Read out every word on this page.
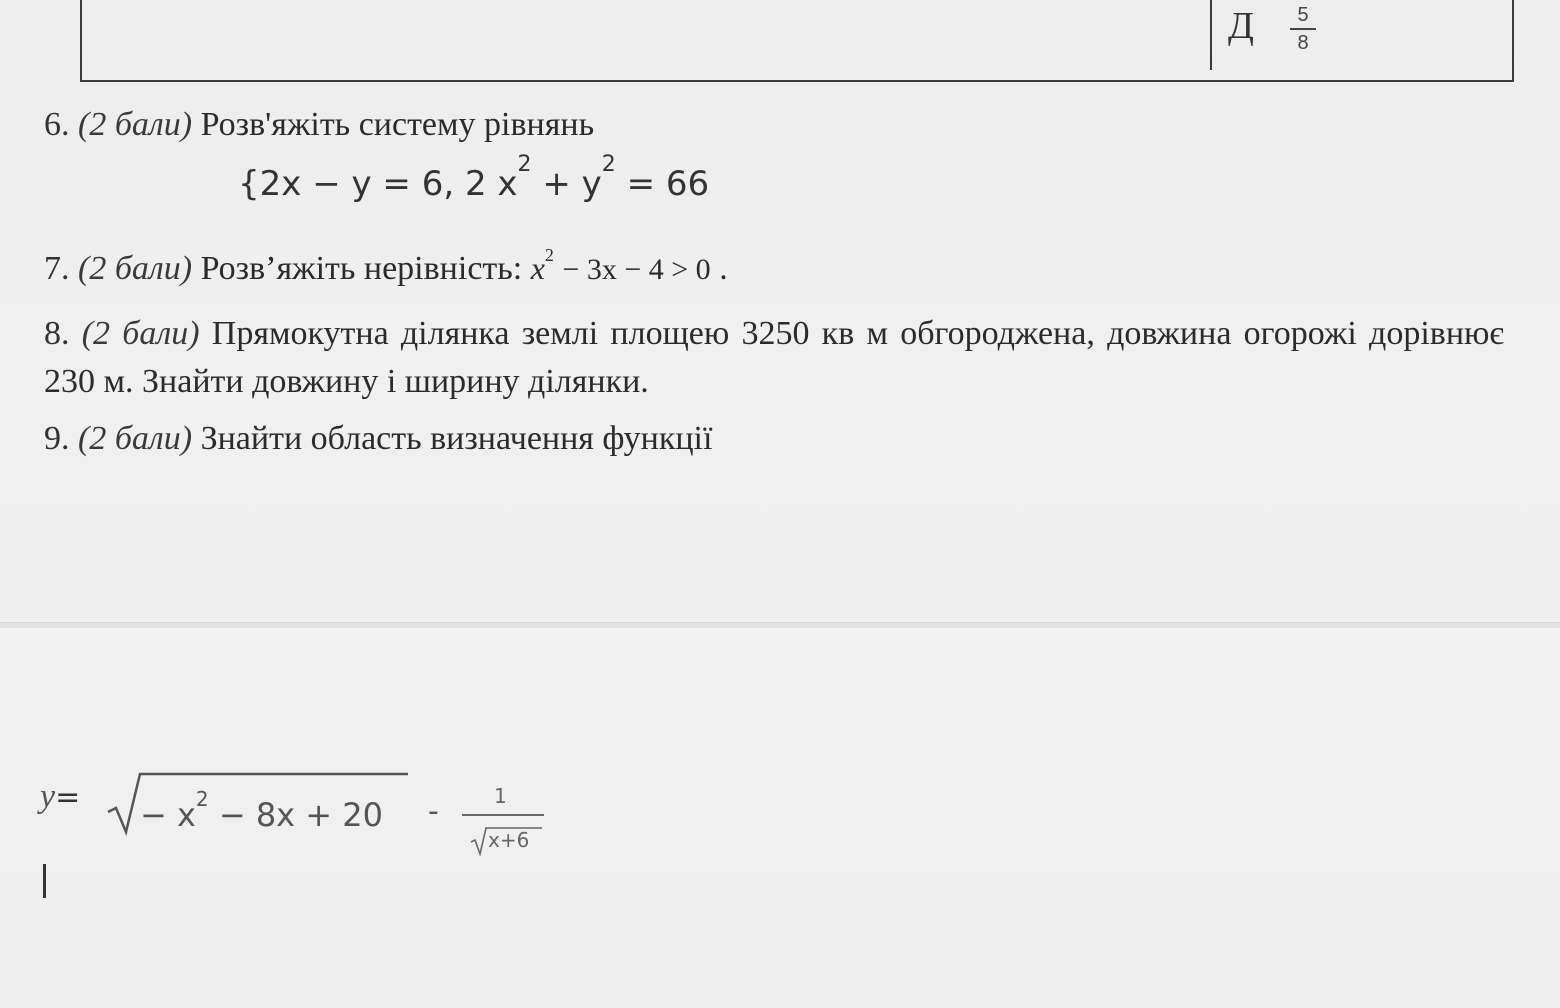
Д	5
8
6. (2 бали) Розв'яжіть систему рівнянь
{2x − y = 6, 2 $x^2 + y^2 = 66$
7. (2 бали) Розв’яжіть нерівність: $x^2 - 3x - 4 > 0$ .
8. (2 бали) Прямокутна ділянка землі площею 3250 кв м обгороджена, довжина огорожі дорівнює 230 м. Знайти довжину і ширину ділянки.
9. (2 бали) Знайти область визначення функції
$y= - x^2 - 8x + 20$ -	1
x+6
